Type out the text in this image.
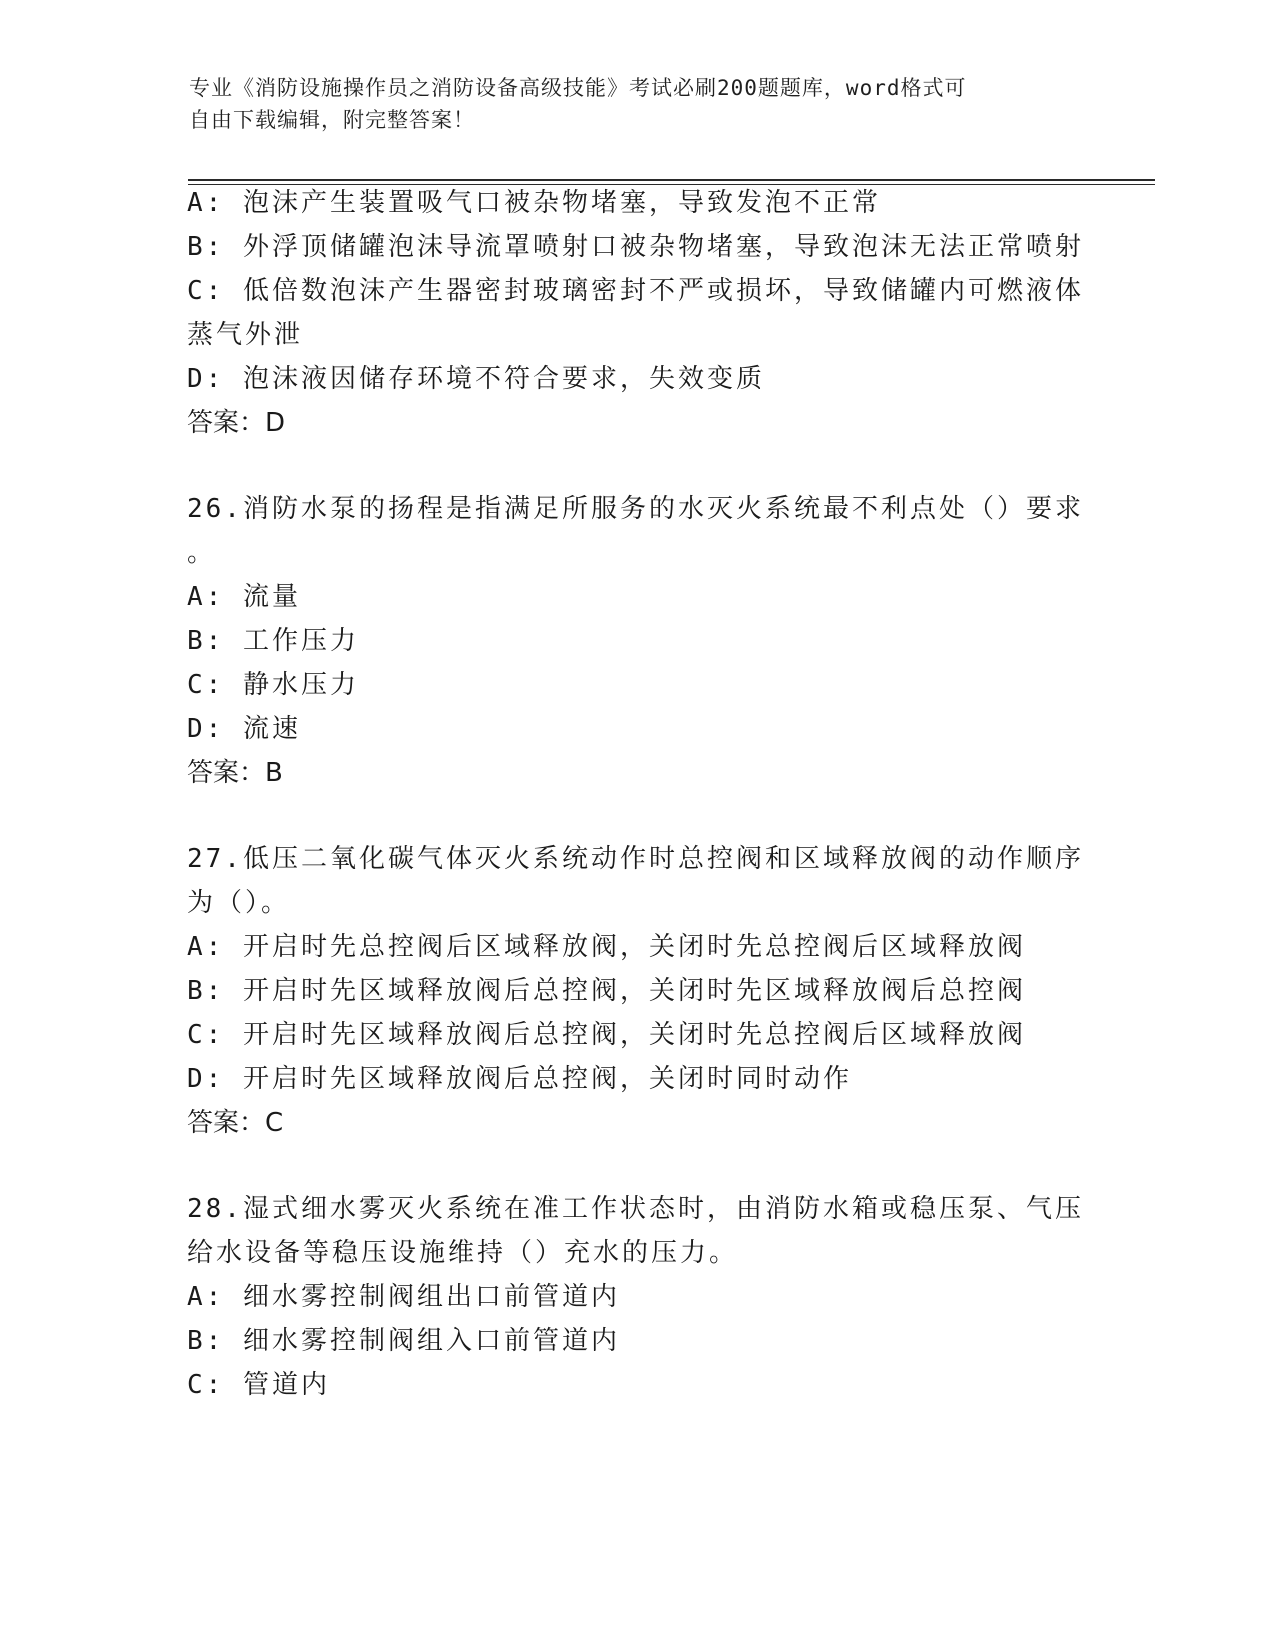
专业《消防设施操作员之消防设备高级技能》考试必刷200题题库，word格式可
自由下载编辑，附完整答案！
A: 泡沫产生装置吸气口被杂物堵塞，导致发泡不正常
B: 外浮顶储罐泡沫导流罩喷射口被杂物堵塞，导致泡沫无法正常喷射
C: 低倍数泡沫产生器密封玻璃密封不严或损坏，导致储罐内可燃液体
蒸气外泄
D: 泡沫液因储存环境不符合要求，失效变质
答案：D
26.消防水泵的扬程是指满足所服务的水灭火系统最不利点处（）要求
。
A: 流量
B: 工作压力
C: 静水压力
D: 流速
答案：B
27.低压二氧化碳气体灭火系统动作时总控阀和区域释放阀的动作顺序
为（）。
A: 开启时先总控阀后区域释放阀，关闭时先总控阀后区域释放阀
B: 开启时先区域释放阀后总控阀，关闭时先区域释放阀后总控阀
C: 开启时先区域释放阀后总控阀，关闭时先总控阀后区域释放阀
D: 开启时先区域释放阀后总控阀，关闭时同时动作
答案：C
28.湿式细水雾灭火系统在准工作状态时，由消防水箱或稳压泵、气压
给水设备等稳压设施维持（）充水的压力。
A: 细水雾控制阀组出口前管道内
B: 细水雾控制阀组入口前管道内
C: 管道内
